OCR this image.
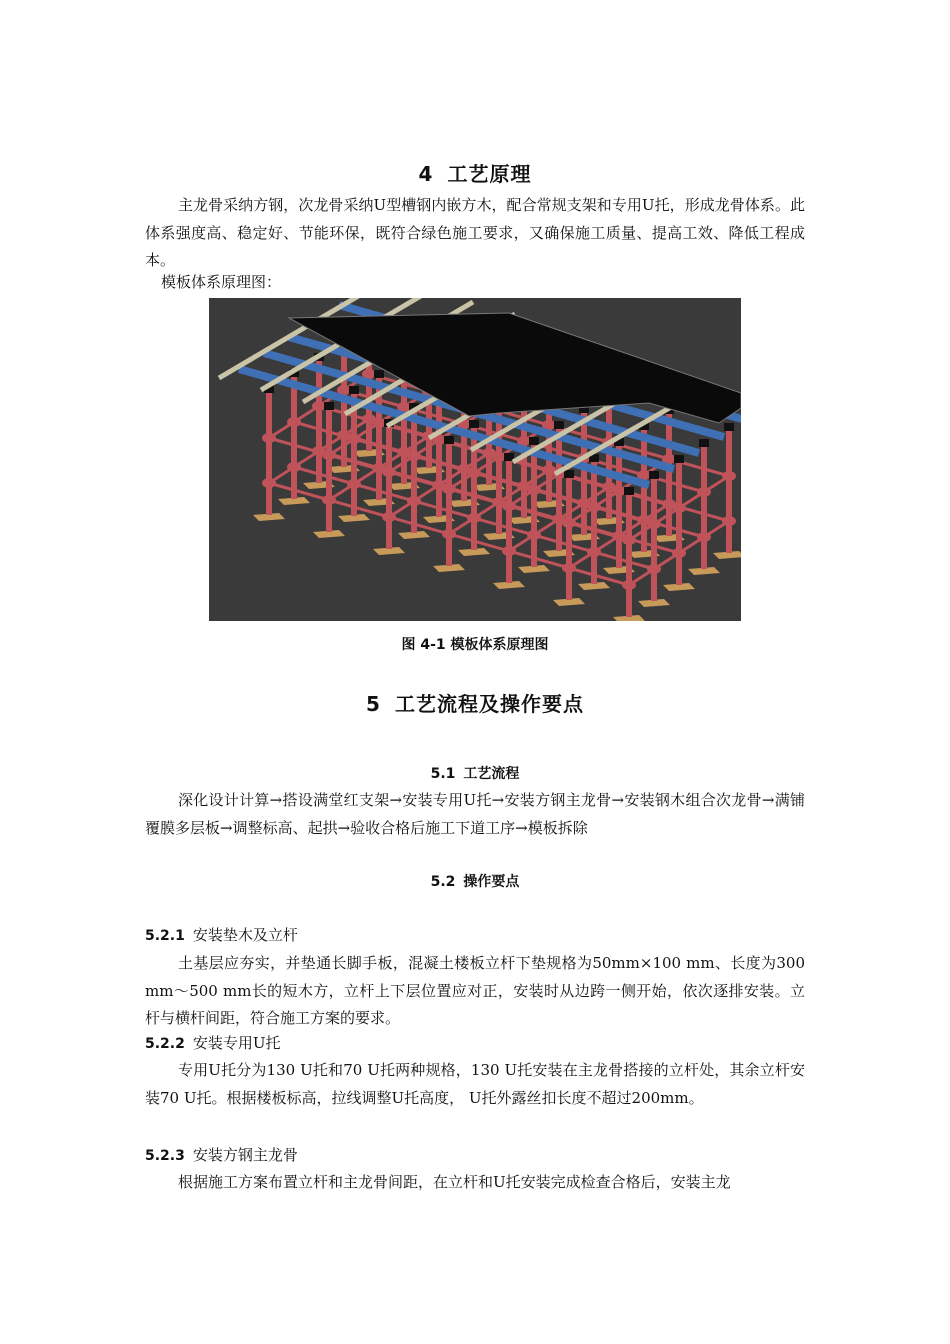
4 工艺原理

主龙骨采纳方钢，次龙骨采纳U型槽钢内嵌方木，配合常规支架和专用U托，形成龙骨体系。此体系强度高、稳定好、节能环保，既符合绿色施工要求，又确保施工质量、提高工效、降低工程成本。

模板体系原理图：
图 4-1 模板体系原理图
5 工艺流程及操作要点
5.1 工艺流程

深化设计计算→搭设满堂红支架→安装专用U托→安装方钢主龙骨→安装钢木组合次龙骨→满铺覆膜多层板→调整标高、起拱→验收合格后施工下道工序→模板拆除

5.2 操作要点
5.2.1 安装垫木及立杆

土基层应夯实，并垫通长脚手板，混凝土楼板立杆下垫规格为50mm×100 mm、长度为300 mm～500 mm长的短木方，立杆上下层位置应对正，安装时从边跨一侧开始，依次逐排安装。立杆与横杆间距，符合施工方案的要求。

5.2.2 安装专用U托

专用U托分为130 U托和70 U托两种规格，130 U托安装在主龙骨搭接的立杆处，其余立杆安装70 U托。根据楼板标高，拉线调整U托高度， U托外露丝扣长度不超过200mm。

5.2.3 安装方钢主龙骨

根据施工方案布置立杆和主龙骨间距，在立杆和U托安装完成检查合格后，安装主龙
